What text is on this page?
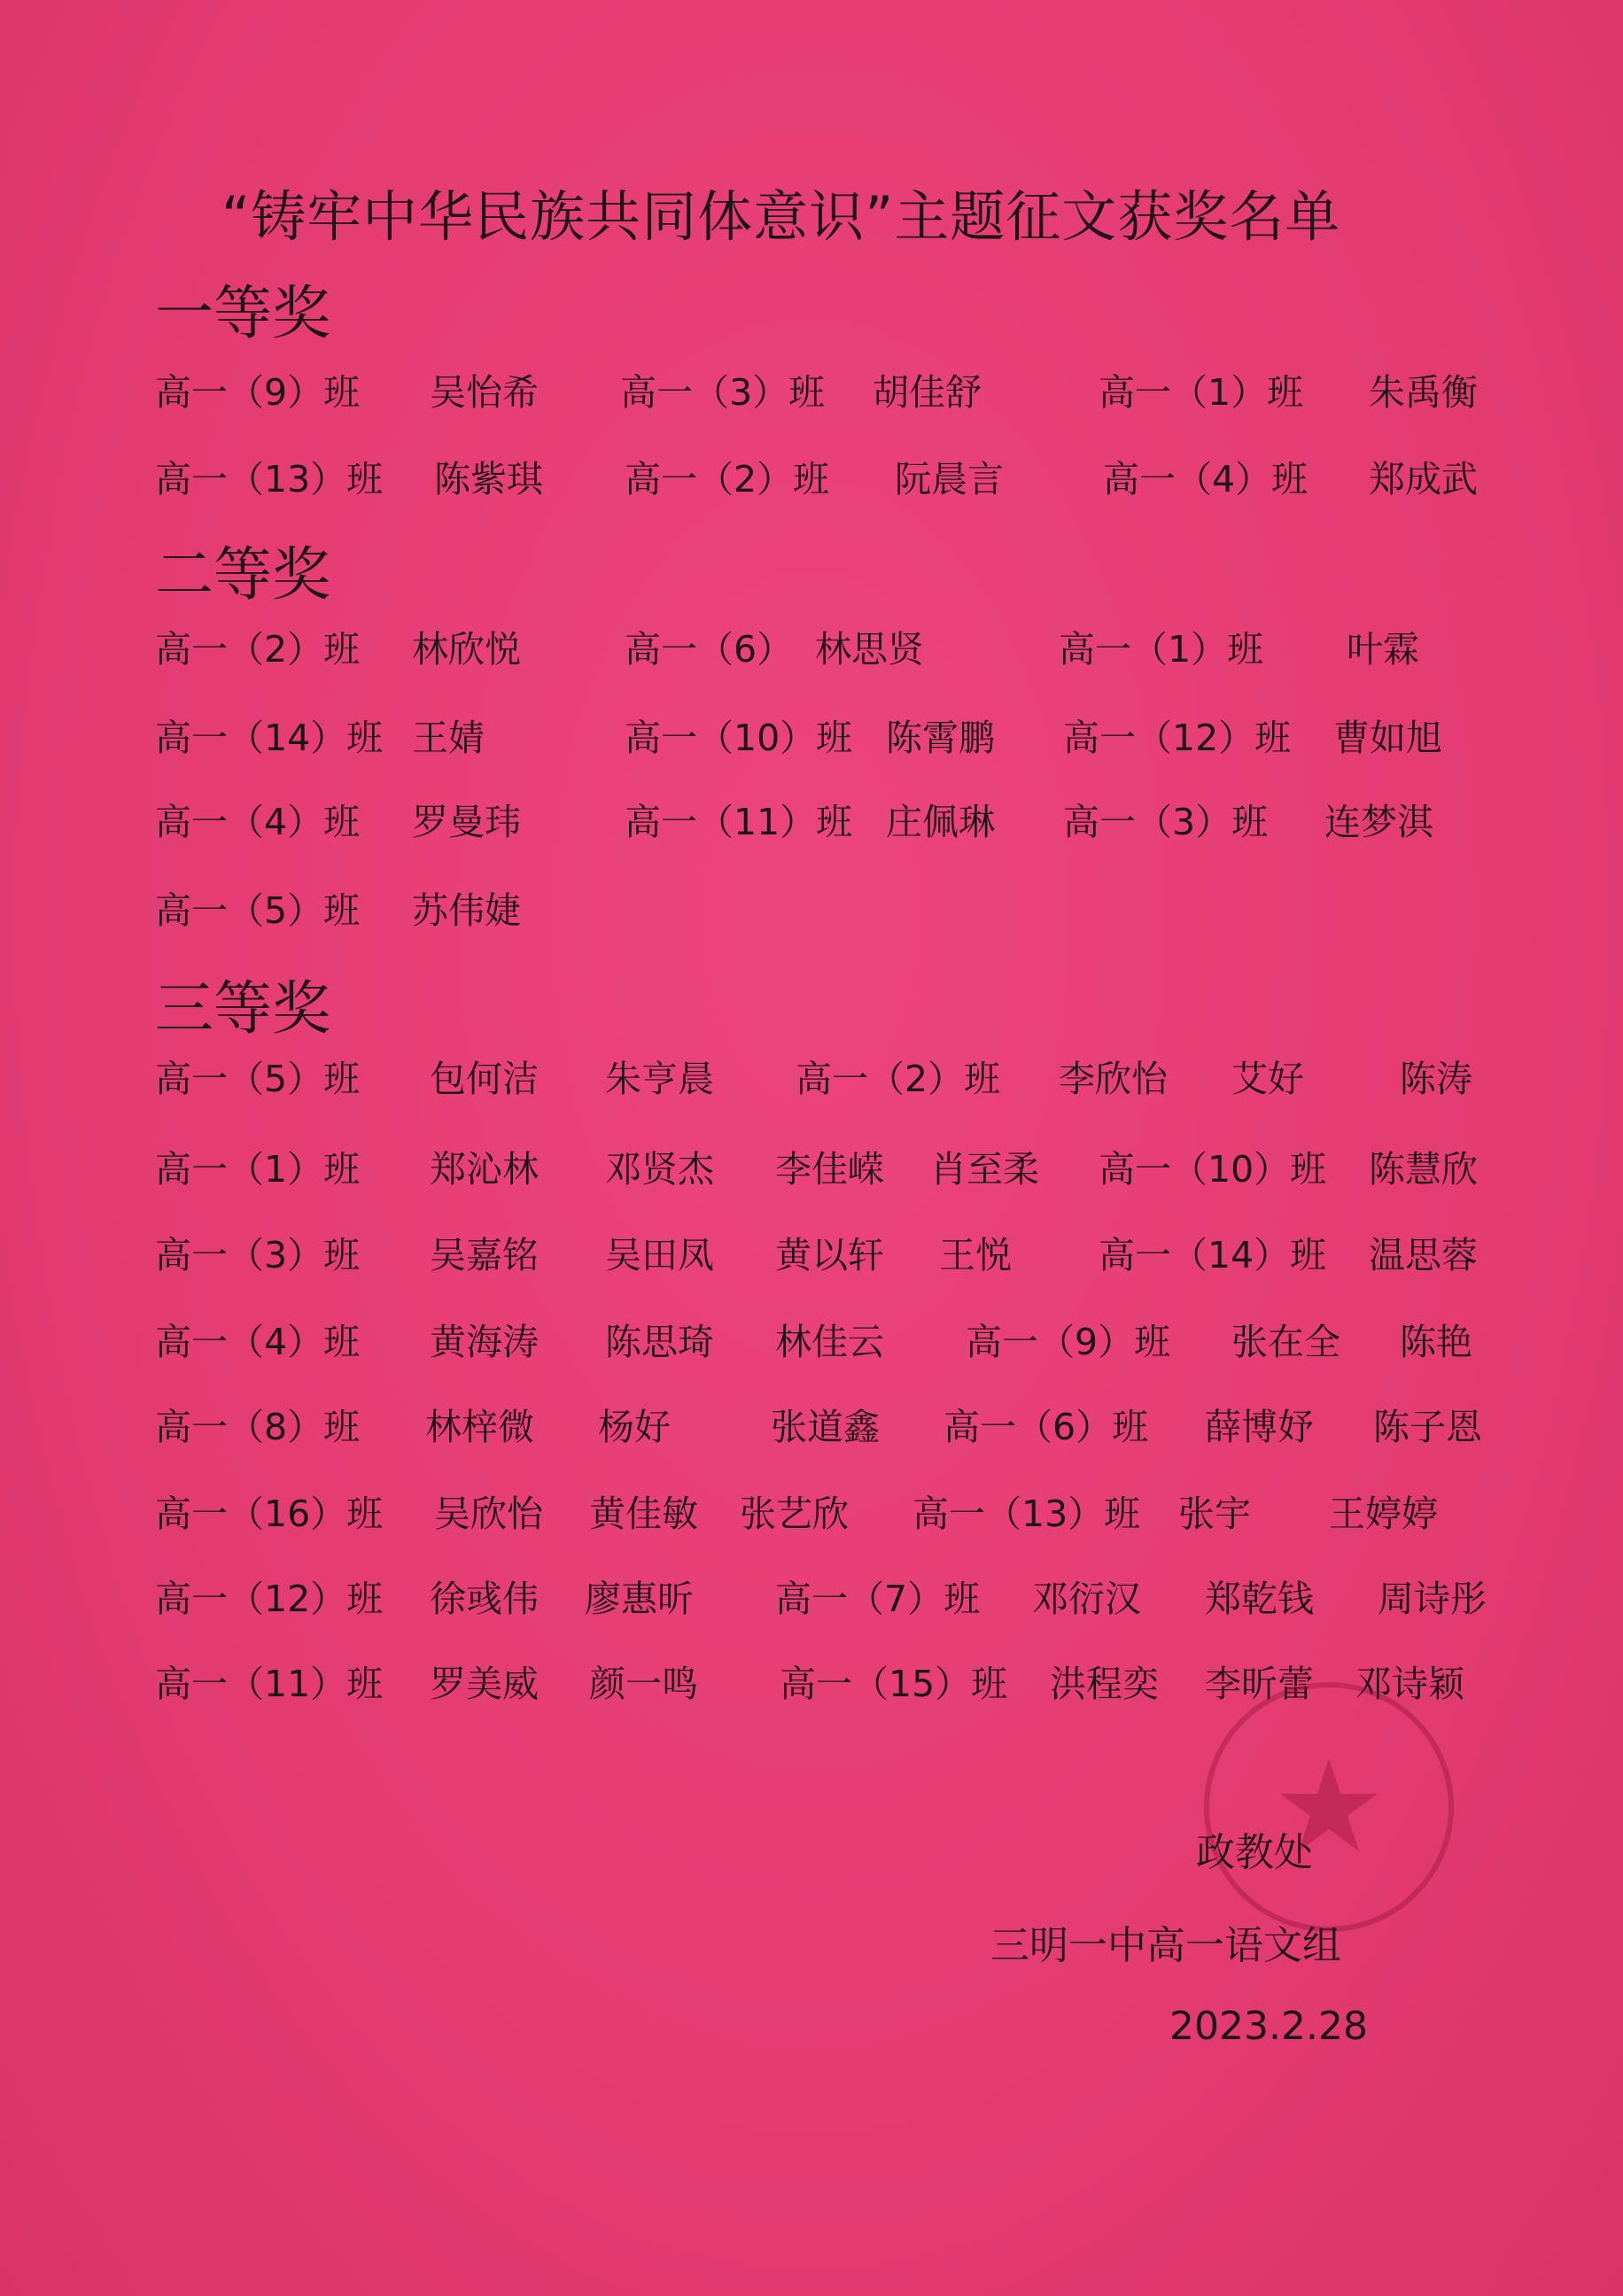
“铸牢中华民族共同体意识”主题征文获奖名单
一等奖
高一（9）班 吴怡希 高一（3）班 胡佳舒	高一（1）班 朱禹衡
高一（13）班 陈紫琪 高一（2）班 阮晨言	高一（4）班 郑成武
二等奖
高一（2）班 林欣悦	高一（6） 林思贤	高一（1）班 叶霖
高一（14）班 王婧	高一（10）班 陈霄鹏 高一（12）班 曹如旭
高一（4）班 罗曼玮	高一（11）班 庄佩琳 高一（3）班 连梦淇
高一（5）班 苏伟婕
三等奖
高一（5）班 包何洁 朱亨晨 高一（2）班 李欣怡 艾好	陈涛
高一（1）班 郑沁林 邓贤杰 李佳嵘 肖至柔 高一（10）班 陈慧欣
高一（3）班 吴嘉铭 吴田凤 黄以轩 王悦 高一（14）班 温思蓉
高一（4）班 黄海涛 陈思琦 林佳云 高一（9）班 张在全 陈艳
高一（8）班 林梓微 杨好	张道鑫 高一（6）班 薛博妤 陈子恩
高一（16）班 吴欣怡 黄佳敏 张艺欣 高一（13）班 张宇 王婷婷
高一（12）班 徐彧伟 廖惠昕 高一（7）班 邓衍汉 郑乾钱 周诗彤
高一（11）班 罗美威 颜一鸣 高一（15）班 洪程奕 李昕蕾 邓诗颖
政教处
三明一中高一语文组
2023.2.28
